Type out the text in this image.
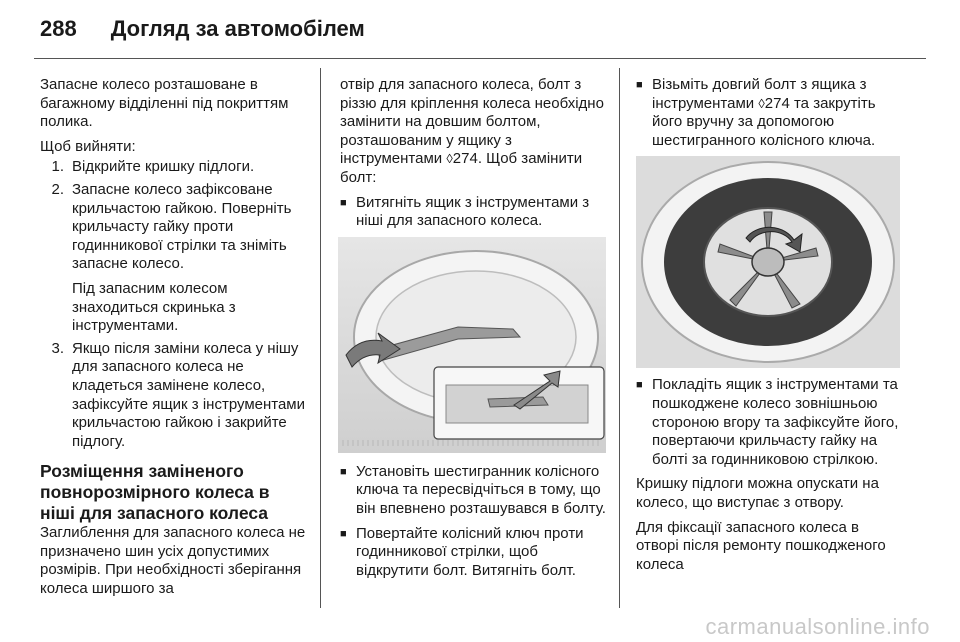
288 Догляд за автомобілем

Запасне колесо розташоване в багажному відділенні під покриттям полика.

Щоб вийняти:

1. Відкрийте кришку підлоги.
2. Запасне колесо зафіксоване крильчастою гайкою. Поверніть крильчасту гайку проти годинникової стрілки та зніміть запасне колесо.
Під запасним колесом знаходиться скринька з інструментами.
3. Якщо після заміни колеса у нішу для запасного колеса не кладеться замінене колесо, зафіксуйте ящик з інструментами крильчастою гайкою і закрийте підлогу.
Розміщення заміненого повнорозмірного колеса в ніші для запасного колеса

Заглиблення для запасного колеса не призначено шин усіх допустимих розмірів. При необхідності зберігання колеса ширшого за

отвір для запасного колеса, болт з різзю для кріплення колеса необхідно замінити на довшим болтом, розташованим у ящику з інструментами ◊274. Щоб замінити болт:

■ Витягніть ящик з інструментами з ніші для запасного колеса.
■ Установіть шестигранник колісного ключа та пересвідчіться в тому, що він впевнено розташувався в болту.
■ Повертайте колісний ключ проти годинникової стрілки, щоб відкрутити болт. Витягніть болт.
■ Візьміть довгий болт з ящика з інструментами ◊274 та закрутіть його вручну за допомогою шестигранного колісного ключа.
■ Покладіть ящик з інструментами та пошкоджене колесо зовнішньою стороною вгору та зафіксуйте його, повертаючи крильчасту гайку на болті за годинниковою стрілкою.

Кришку підлоги можна опускати на колесо, що виступає з отвору.

Для фіксації запасного колеса в отворі після ремонту пошкодженого колеса

carmanualsonline.info
